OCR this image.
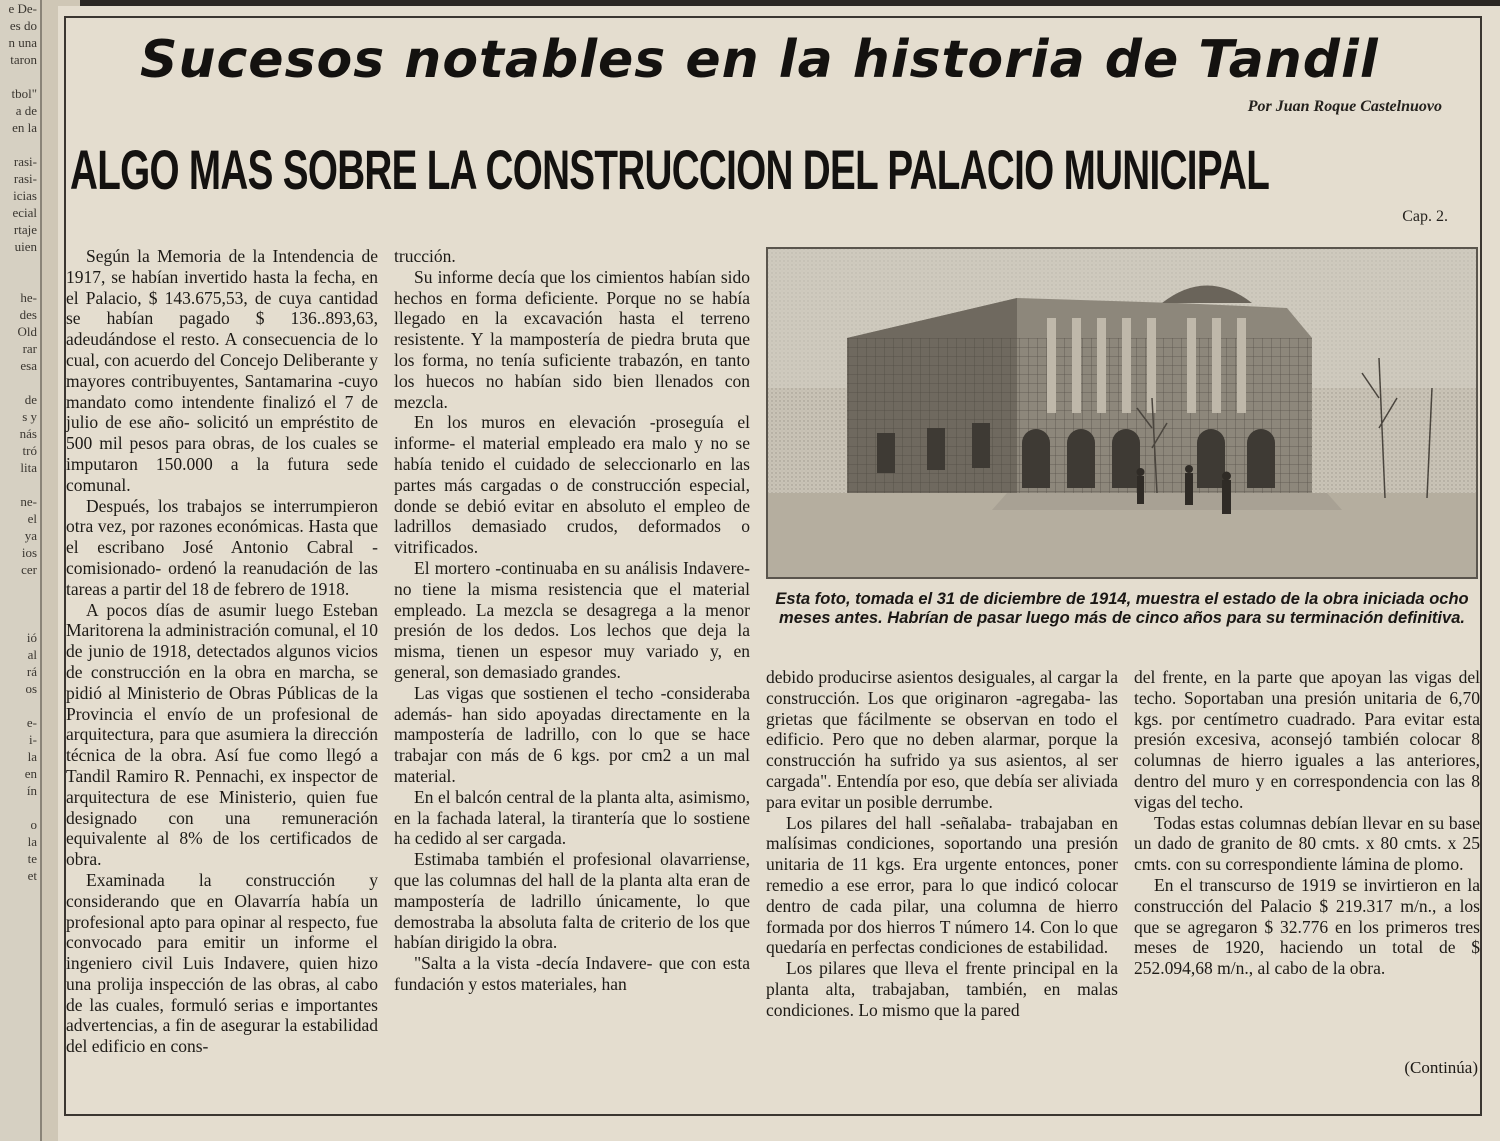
e De-
es do
n una
taron

tbol"
a de
en la

rasi-
rasi-
icias
ecial
rtaje
uien

he-
des
Old
rar
esa

de
s y
nás
tró
lita

ne-
el
ya
ios
cer

ió
al
rá
os

e-
i-
la
en
ín

o
la
te
et
Sucesos notables en la historia de Tandil
Por Juan Roque Castelnuovo
ALGO MAS SOBRE LA CONSTRUCCION DEL PALACIO MUNICIPAL
Cap. 2.

Según la Memoria de la Intendencia de 1917, se habían invertido hasta la fecha, en el Palacio, $ 143.675,53, de cuya cantidad se habían pagado $ 136..893,63, adeudándose el resto. A consecuencia de lo cual, con acuerdo del Concejo Deliberante y mayores contribuyentes, Santamarina -cuyo mandato como intendente finalizó el 7 de julio de ese año- solicitó un empréstito de 500 mil pesos para obras, de los cuales se imputaron 150.000 a la futura sede comunal.

Después, los trabajos se interrumpieron otra vez, por razones económicas. Hasta que el escribano José Antonio Cabral -comisionado- ordenó la reanudación de las tareas a partir del 18 de febrero de 1918.

A pocos días de asumir luego Esteban Maritorena la administración comunal, el 10 de junio de 1918, detectados algunos vicios de construcción en la obra en marcha, se pidió al Ministerio de Obras Públicas de la Provincia el envío de un profesional de arquitectura, para que asumiera la dirección técnica de la obra. Así fue como llegó a Tandil Ramiro R. Pennachi, ex inspector de arquitectura de ese Ministerio, quien fue designado con una remuneración equivalente al 8% de los certificados de obra.

Examinada la construcción y considerando que en Olavarría había un profesional apto para opinar al respecto, fue convocado para emitir un informe el ingeniero civil Luis Indavere, quien hizo una prolija inspección de las obras, al cabo de las cuales, formuló serias e importantes advertencias, a fin de asegurar la estabilidad del edificio en cons-

trucción.

Su informe decía que los cimientos habían sido hechos en forma deficiente. Porque no se había llegado en la excavación hasta el terreno resistente. Y la mampostería de piedra bruta que los forma, no tenía suficiente trabazón, en tanto los huecos no habían sido bien llenados con mezcla.

En los muros en elevación -proseguía el informe- el material empleado era malo y no se había tenido el cuidado de seleccionarlo en las partes más cargadas o de construcción especial, donde se debió evitar en absoluto el empleo de ladrillos demasiado crudos, deformados o vitrificados.

El mortero -continuaba en su análisis Indavere- no tiene la misma resistencia que el material empleado. La mezcla se desagrega a la menor presión de los dedos. Los lechos que deja la misma, tienen un espesor muy variado y, en general, son demasiado grandes.

Las vigas que sostienen el techo -consideraba además- han sido apoyadas directamente en la mampostería de ladrillo, con lo que se hace trabajar con más de 6 kgs. por cm2 a un mal material.

En el balcón central de la planta alta, asimismo, en la fachada lateral, la tirantería que lo sostiene ha cedido al ser cargada.

Estimaba también el profesional olavarriense, que las columnas del hall de la planta alta eran de mampostería de ladrillo únicamente, lo que demostraba la absoluta falta de criterio de los que habían dirigido la obra.

"Salta a la vista -decía Indavere- que con esta fundación y estos materiales, han

Esta foto, tomada el 31 de diciembre de 1914, muestra el estado de la obra iniciada ocho meses antes. Habrían de pasar luego más de cinco años para su terminación definitiva.

debido producirse asientos desiguales, al cargar la construcción. Los que originaron -agregaba- las grietas que fácilmente se observan en todo el edificio. Pero que no deben alarmar, porque la construcción ha sufrido ya sus asientos, al ser cargada". Entendía por eso, que debía ser aliviada para evitar un posible derrumbe.

Los pilares del hall -señalaba- trabajaban en malísimas condiciones, soportando una presión unitaria de 11 kgs. Era urgente entonces, poner remedio a ese error, para lo que indicó colocar dentro de cada pilar, una columna de hierro formada por dos hierros T número 14. Con lo que quedaría en perfectas condiciones de estabilidad.

Los pilares que lleva el frente principal en la planta alta, trabajaban, también, en malas condiciones. Lo mismo que la pared

del frente, en la parte que apoyan las vigas del techo. Soportaban una presión unitaria de 6,70 kgs. por centímetro cuadrado. Para evitar esta presión excesiva, aconsejó también colocar 8 columnas de hierro iguales a las anteriores, dentro del muro y en correspondencia con las 8 vigas del techo.

Todas estas columnas debían llevar en su base un dado de granito de 80 cmts. x 80 cmts. x 25 cmts. con su correspondiente lámina de plomo.

En el transcurso de 1919 se invirtieron en la construcción del Palacio $ 219.317 m/n., a los que se agregaron $ 32.776 en los primeros tres meses de 1920, haciendo un total de $ 252.094,68 m/n., al cabo de la obra.

(Continúa)
